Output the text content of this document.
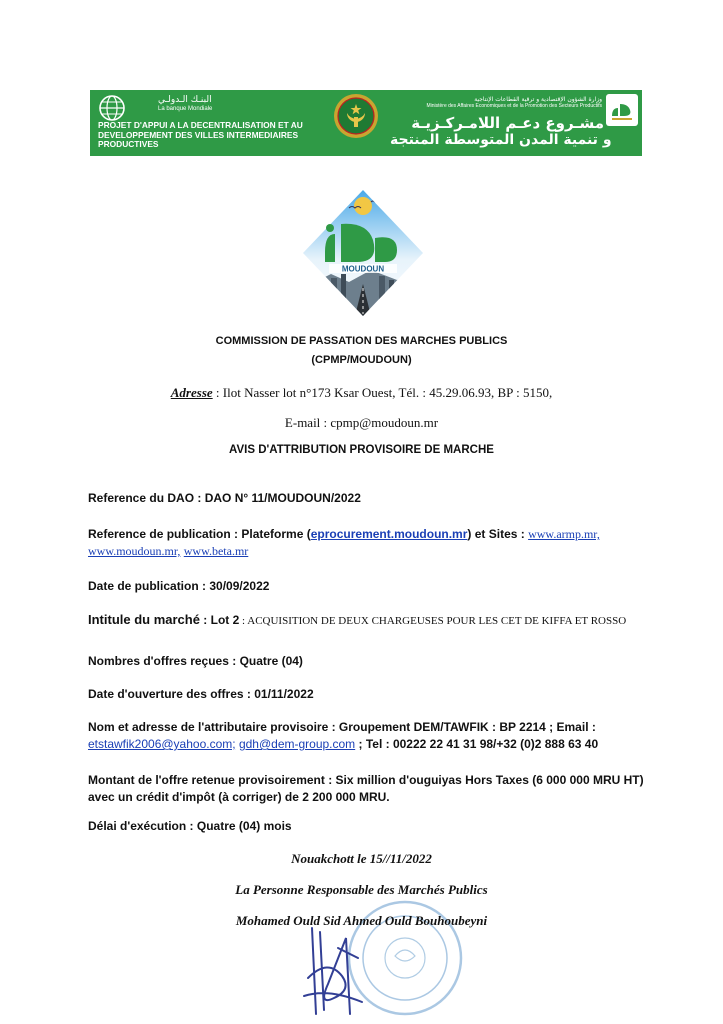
البنـك الـدولـي
La banque Mondiale
PROJET D'APPUI A LA DECENTRALISATION ET AU DEVELOPPEMENT DES VILLES INTERMEDIAIRES PRODUCTIVES
وزارة الشؤون الإقتصادية و ترقية القطاعات الإنتاجية
Ministère des Affaires Economiques et de la Promotion des Secteurs Productifs
مشـروع دعـم اللامـركـزيـة
و تنمية المدن المتوسطة المنتجة
MOUDOUN
COMMISSION DE PASSATION DES MARCHES PUBLICS
(CPMP/MOUDOUN)
Adresse : Ilot Nasser lot n°173 Ksar Ouest, Tél. : 45.29.06.93, BP : 5150,
E-mail : cpmp@moudoun.mr
AVIS D'ATTRIBUTION PROVISOIRE DE MARCHE
Reference du DAO : DAO N° 11/MOUDOUN/2022
Reference de publication : Plateforme (eprocurement.moudoun.mr) et Sites : www.armp.mr,
www.moudoun.mr, www.beta.mr
Date de publication : 30/09/2022
Intitule du marché : Lot 2 : ACQUISITION DE DEUX CHARGEUSES POUR LES CET DE KIFFA ET ROSSO
Nombres d'offres reçues : Quatre (04)
Date d'ouverture des offres : 01/11/2022
Nom et adresse de l'attributaire provisoire : Groupement DEM/TAWFIK : BP 2214 ; Email :
etstawfik2006@yahoo.com; gdh@dem-group.com ; Tel : 00222 22 41 31 98/+32 (0)2 888 63 40
Montant de l'offre retenue provisoirement : Six million d'ouguiyas Hors Taxes (6 000 000 MRU HT) avec un crédit d'impôt (à corriger) de 2 200 000 MRU.
Délai d'exécution : Quatre (04) mois
Nouakchott le 15//11/2022
La Personne Responsable des Marchés Publics
Mohamed Ould Sid Ahmed Ould Bouhoubeyni
